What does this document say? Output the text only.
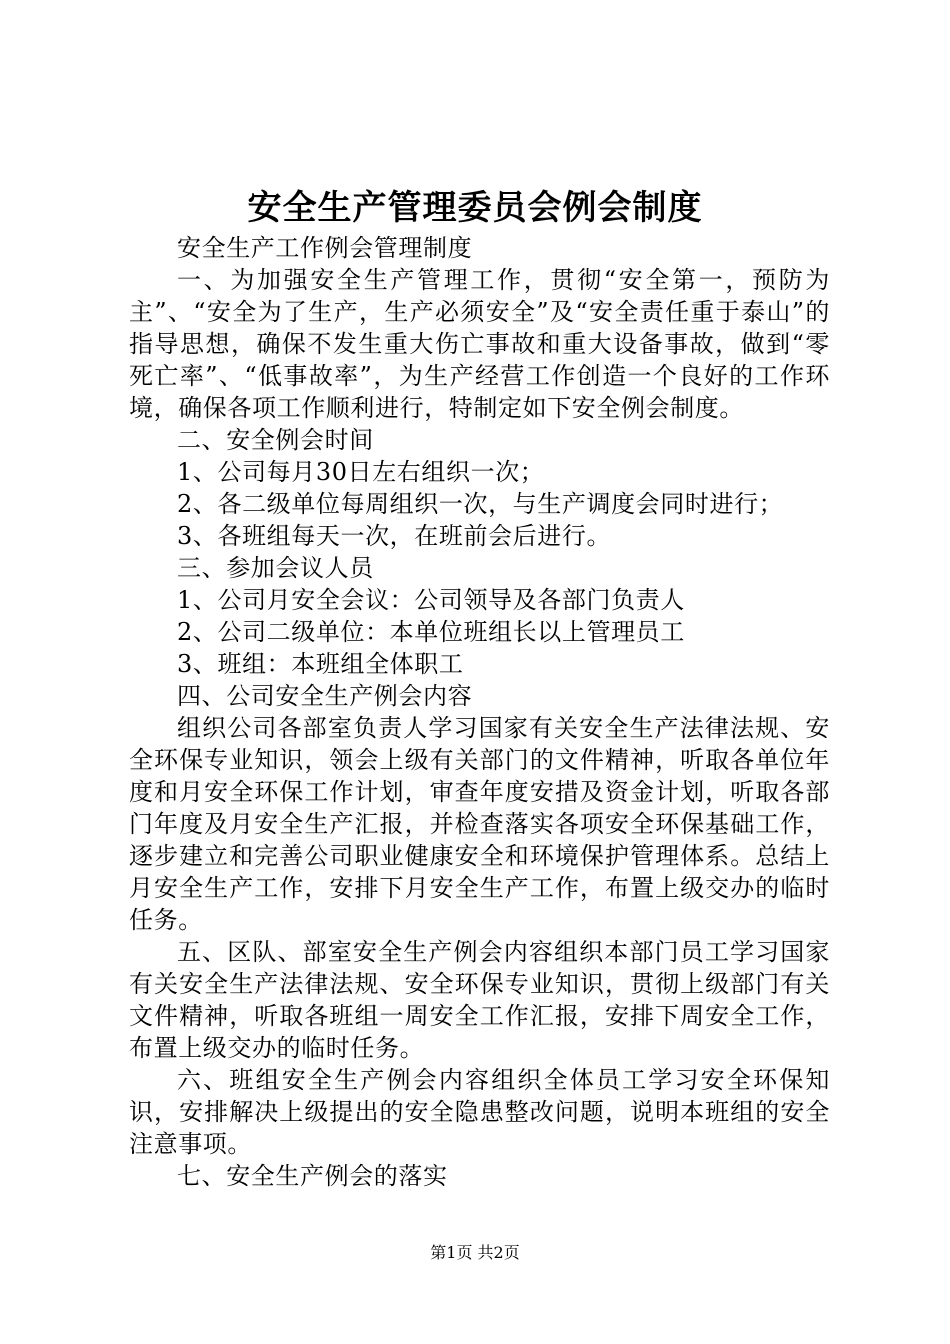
安全生产管理委员会例会制度

安全生产工作例会管理制度

一、为加强安全生产管理工作，贯彻“安全第一，预防为主”、“安全为了生产，生产必须安全”及“安全责任重于泰山”的指导思想，确保不发生重大伤亡事故和重大设备事故，做到“零死亡率”、“低事故率”，为生产经营工作创造一个良好的工作环境，确保各项工作顺利进行，特制定如下安全例会制度。

二、安全例会时间

1、公司每月30日左右组织一次；

2、各二级单位每周组织一次，与生产调度会同时进行；

3、各班组每天一次，在班前会后进行。

三、参加会议人员

1、公司月安全会议：公司领导及各部门负责人

2、公司二级单位：本单位班组长以上管理员工

3、班组：本班组全体职工

四、公司安全生产例会内容

组织公司各部室负责人学习国家有关安全生产法律法规、安全环保专业知识，领会上级有关部门的文件精神，听取各单位年度和月安全环保工作计划，审查年度安措及资金计划，听取各部门年度及月安全生产汇报，并检查落实各项安全环保基础工作，逐步建立和完善公司职业健康安全和环境保护管理体系。总结上月安全生产工作，安排下月安全生产工作，布置上级交办的临时任务。

五、区队、部室安全生产例会内容组织本部门员工学习国家有关安全生产法律法规、安全环保专业知识，贯彻上级部门有关文件精神，听取各班组一周安全工作汇报，安排下周安全工作，布置上级交办的临时任务。

六、班组安全生产例会内容组织全体员工学习安全环保知识，安排解决上级提出的安全隐患整改问题，说明本班组的安全注意事项。

七、安全生产例会的落实

第1页 共2页
